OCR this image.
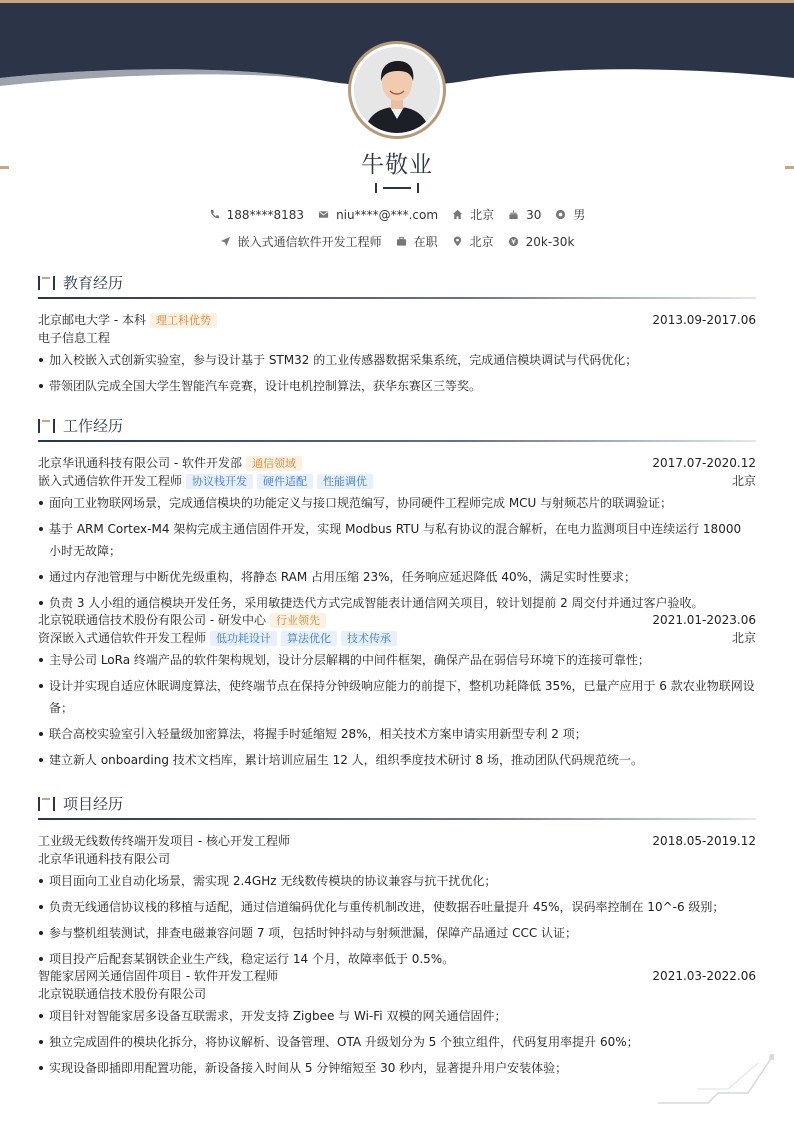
牛敬业
188****8183	niu****@***.com	北京	30	男
嵌入式通信软件开发工程师	在职	北京	20k-30k
教育经历
北京邮电大学 - 本科 理工科优势	2013.09-2017.06
电子信息工程
加入校嵌入式创新实验室，参与设计基于 STM32 的工业传感器数据采集系统，完成通信模块调试与代码优化；
带领团队完成全国大学生智能汽车竞赛，设计电机控制算法，获华东赛区三等奖。
工作经历
北京华讯通科技有限公司 - 软件开发部 通信领域	2017.07-2020.12
嵌入式通信软件开发工程师 协议栈开发 硬件适配 性能调优	北京
面向工业物联网场景，完成通信模块的功能定义与接口规范编写，协同硬件工程师完成 MCU 与射频芯片的联调验证；
基于 ARM Cortex-M4 架构完成主通信固件开发，实现 Modbus RTU 与私有协议的混合解析，在电力监测项目中连续运行 18000 小时无故障；
通过内存池管理与中断优先级重构，将静态 RAM 占用压缩 23%，任务响应延迟降低 40%，满足实时性要求；
负责 3 人小组的通信模块开发任务，采用敏捷迭代方式完成智能表计通信网关项目，较计划提前 2 周交付并通过客户验收。
北京锐联通信技术股份有限公司 - 研发中心 行业领先	2021.01-2023.06
资深嵌入式通信软件开发工程师 低功耗设计 算法优化 技术传承	北京
主导公司 LoRa 终端产品的软件架构规划，设计分层解耦的中间件框架，确保产品在弱信号环境下的连接可靠性；
设计并实现自适应休眠调度算法，使终端节点在保持分钟级响应能力的前提下，整机功耗降低 35%，已量产应用于 6 款农业物联网设备；
联合高校实验室引入轻量级加密算法，将握手时延缩短 28%，相关技术方案申请实用新型专利 2 项；
建立新人 onboarding 技术文档库，累计培训应届生 12 人，组织季度技术研讨 8 场，推动团队代码规范统一。
项目经历
工业级无线数传终端开发项目 - 核心开发工程师	2018.05-2019.12
北京华讯通科技有限公司
项目面向工业自动化场景，需实现 2.4GHz 无线数传模块的协议兼容与抗干扰优化；
负责无线通信协议栈的移植与适配，通过信道编码优化与重传机制改进，使数据吞吐量提升 45%，误码率控制在 10^-6 级别；
参与整机组装测试，排查电磁兼容问题 7 项，包括时钟抖动与射频泄漏，保障产品通过 CCC 认证；
项目投产后配套某钢铁企业生产线，稳定运行 14 个月，故障率低于 0.5%。
智能家居网关通信固件项目 - 软件开发工程师	2021.03-2022.06
北京锐联通信技术股份有限公司
项目针对智能家居多设备互联需求，开发支持 Zigbee 与 Wi-Fi 双模的网关通信固件；
独立完成固件的模块化拆分，将协议解析、设备管理、OTA 升级划分为 5 个独立组件，代码复用率提升 60%；
实现设备即插即用配置功能，新设备接入时间从 5 分钟缩短至 30 秒内，显著提升用户安装体验；
